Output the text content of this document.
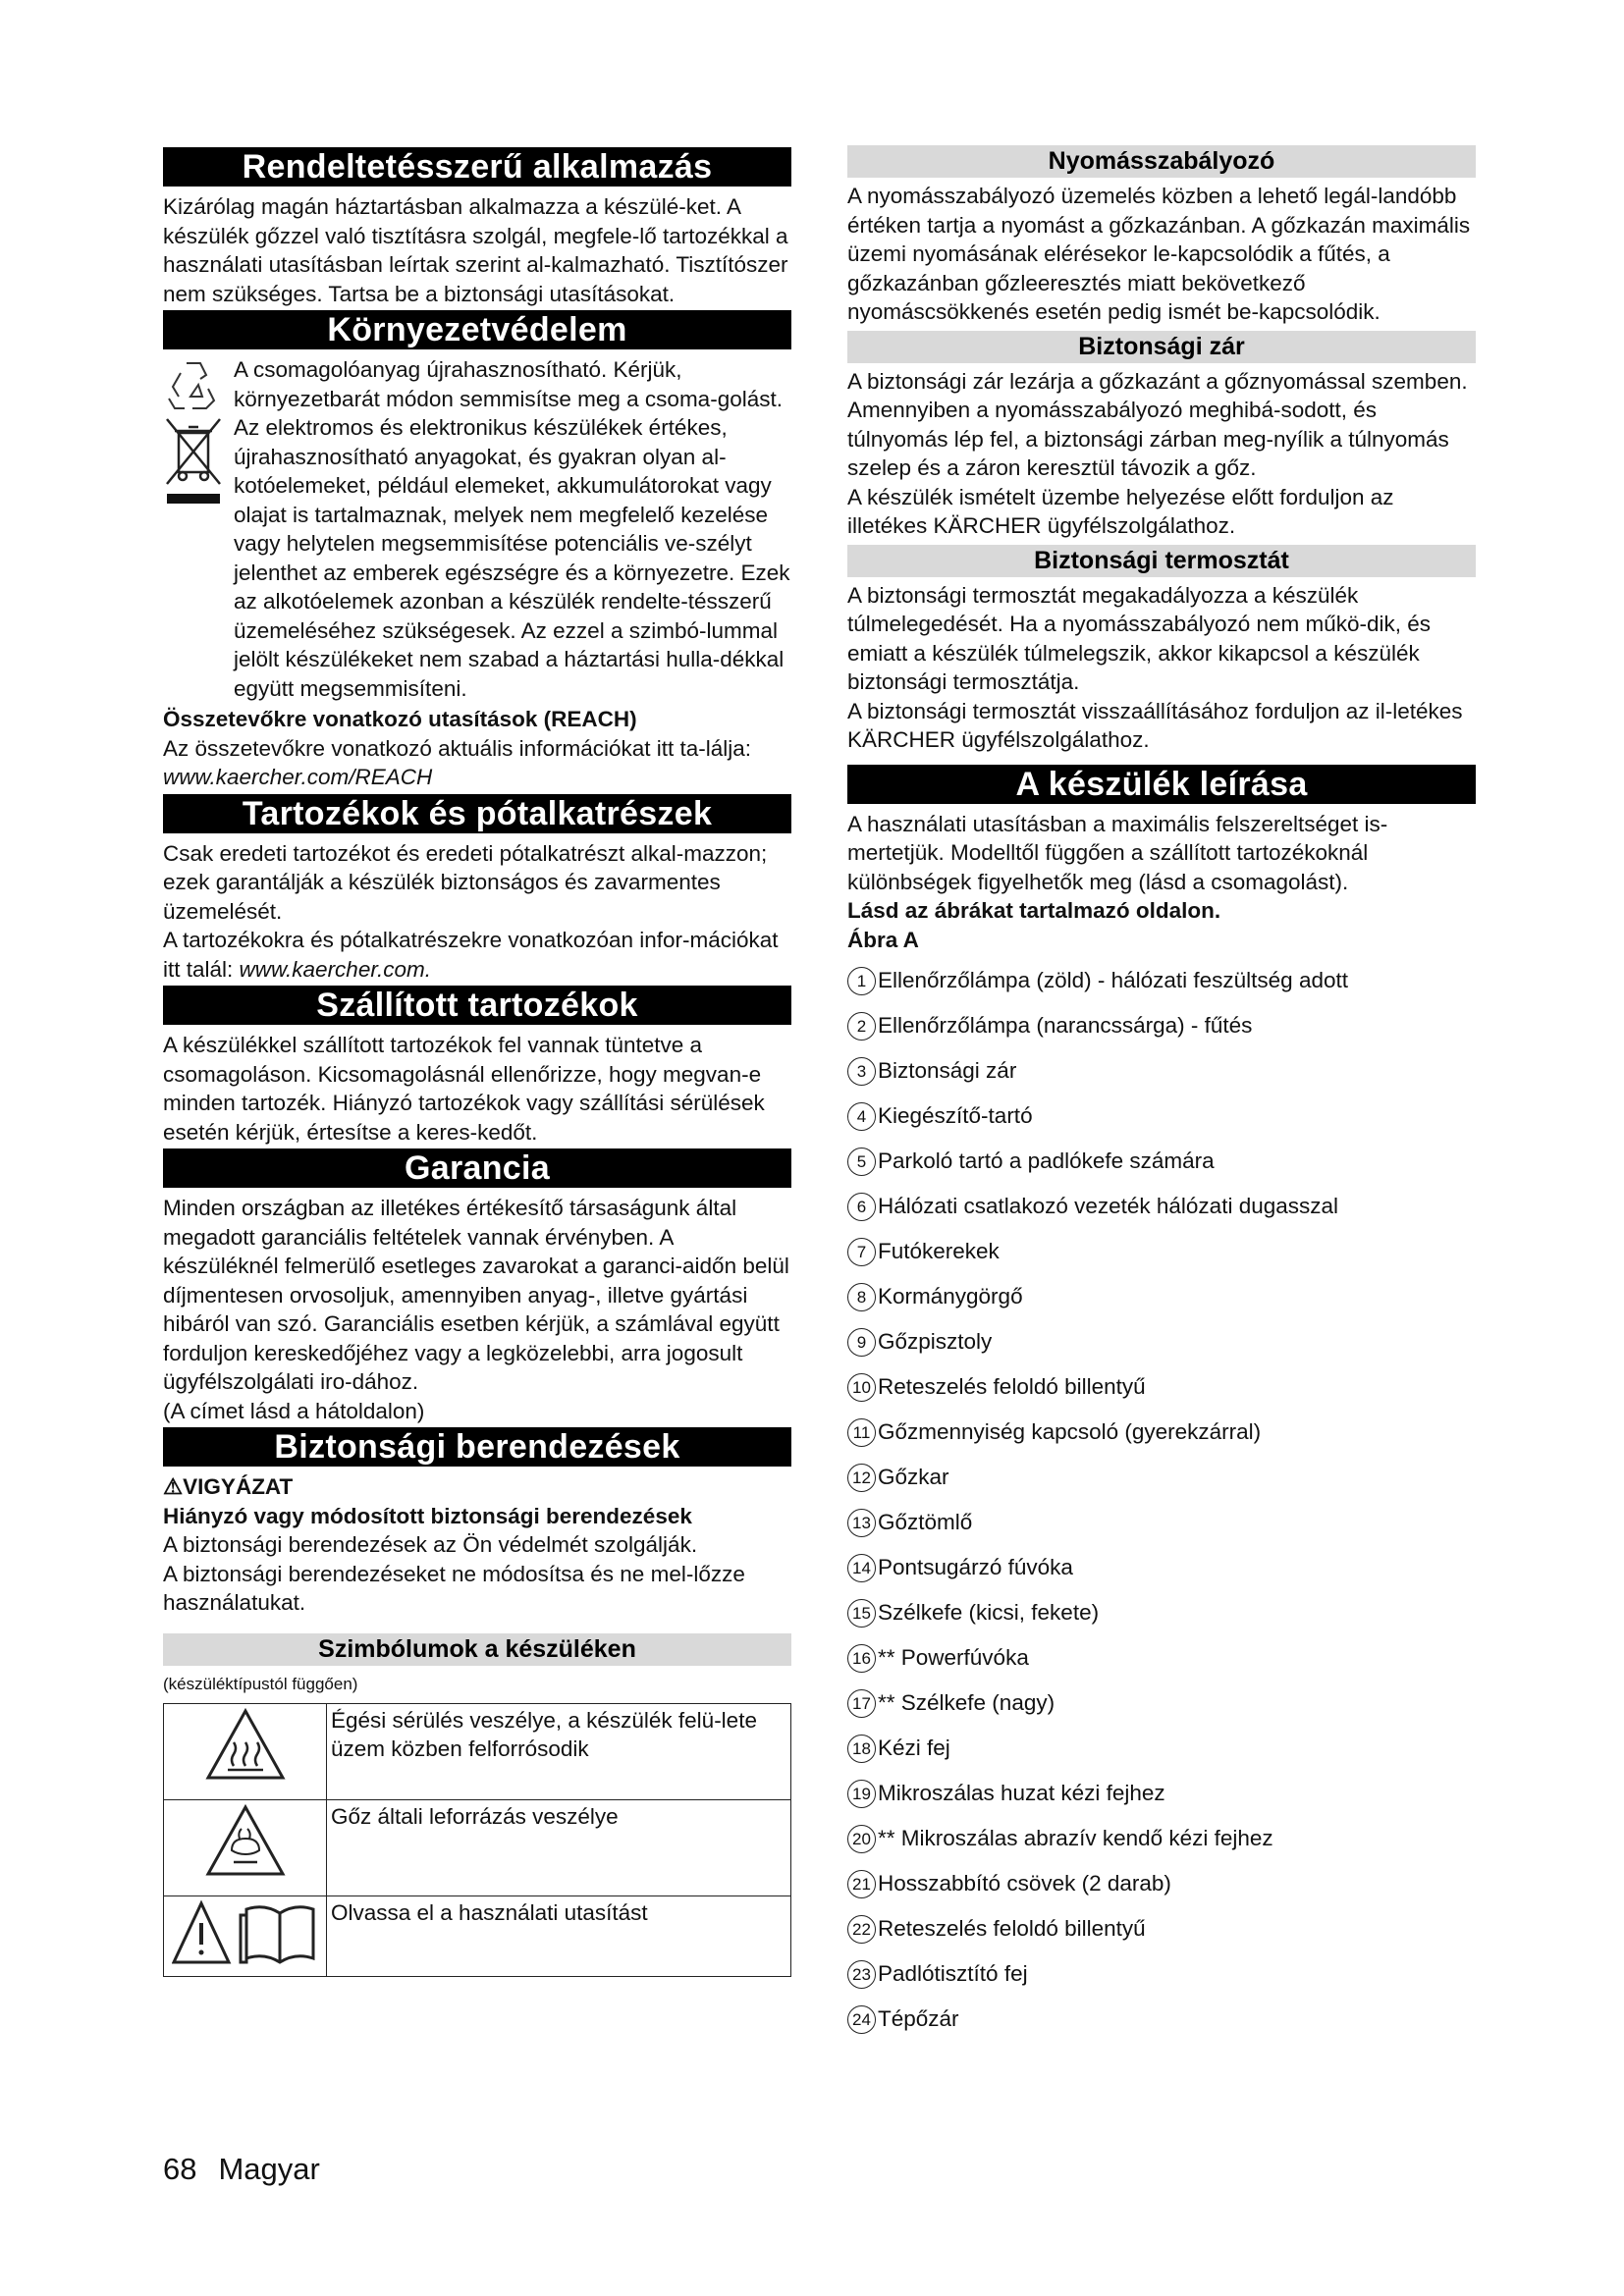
Rendeltetésszerű alkalmazás

Kizárólag magán háztartásban alkalmazza a készülé-ket. A készülék gőzzel való tisztításra szolgál, megfele-lő tartozékkal a használati utasításban leírtak szerint al-kalmazható. Tisztítószer nem szükséges. Tartsa be a biztonsági utasításokat.

Környezetvédelem

A csomagolóanyag újrahasznosítható. Kérjük, környezetbarát módon semmisítse meg a csoma-golást.

Az elektromos és elektronikus készülékek értékes, újrahasznosítható anyagokat, és gyakran olyan al-kotóelemeket, például elemeket, akkumulátorokat vagy olajat is tartalmaznak, melyek nem megfelelő kezelése vagy helytelen megsemmisítése potenciális ve-szélyt jelenthet az emberek egészségre és a környezetre. Ezek az alkotóelemek azonban a készülék rendelte-tésszerű üzemeléséhez szükségesek. Az ezzel a szimbó-lummal jelölt készülékeket nem szabad a háztartási hulla-dékkal együtt megsemmisíteni.

Összetevőkre vonatkozó utasítások (REACH)

Az összetevőkre vonatkozó aktuális információkat itt ta-lálja: www.kaercher.com/REACH

Tartozékok és pótalkatrészek

Csak eredeti tartozékot és eredeti pótalkatrészt alkal-mazzon; ezek garantálják a készülék biztonságos és zavarmentes üzemelését.

A tartozékokra és pótalkatrészekre vonatkozóan infor-mációkat itt talál: www.kaercher.com.

Szállított tartozékok

A készülékkel szállított tartozékok fel vannak tüntetve a csomagoláson. Kicsomagolásnál ellenőrizze, hogy megvan-e minden tartozék. Hiányzó tartozékok vagy szállítási sérülések esetén kérjük, értesítse a keres-kedőt.

Garancia

Minden országban az illetékes értékesítő társaságunk által megadott garanciális feltételek vannak érvényben. A készüléknél felmerülő esetleges zavarokat a garanci-aidőn belül díjmentesen orvosoljuk, amennyiben anyag-, illetve gyártási hibáról van szó. Garanciális esetben kérjük, a számlával együtt forduljon kereskedőjéhez vagy a legközelebbi, arra jogosult ügyfélszolgálati iro-dához.

(A címet lásd a hátoldalon)

Biztonsági berendezések

⚠VIGYÁZAT

Hiányzó vagy módosított biztonsági berendezések

A biztonsági berendezések az Ön védelmét szolgálják.

A biztonsági berendezéseket ne módosítsa és ne mel-lőzze használatukat.

Szimbólumok a készüléken

(készüléktípustól függően)

	Égési sérülés veszélye, a készülék felü-lete üzem közben felforrósodik
	Gőz általi leforrázás veszélye
	Olvassa el a használati utasítást
Nyomásszabályozó

A nyomásszabályozó üzemelés közben a lehető legál-landóbb értéken tartja a nyomást a gőzkazánban. A gőzkazán maximális üzemi nyomásának elérésekor le-kapcsolódik a fűtés, a gőzkazánban gőzleeresztés miatt bekövetkező nyomáscsökkenés esetén pedig ismét be-kapcsolódik.

Biztonsági zár

A biztonsági zár lezárja a gőzkazánt a gőznyomással szemben. Amennyiben a nyomásszabályozó meghibá-sodott, és túlnyomás lép fel, a biztonsági zárban meg-nyílik a túlnyomás szelep és a záron keresztül távozik a gőz.

A készülék ismételt üzembe helyezése előtt forduljon az illetékes KÄRCHER ügyfélszolgálathoz.

Biztonsági termosztát

A biztonsági termosztát megakadályozza a készülék túlmelegedését. Ha a nyomásszabályozó nem műkö-dik, és emiatt a készülék túlmelegszik, akkor kikapcsol a készülék biztonsági termosztátja.

A biztonsági termosztát visszaállításához forduljon az il-letékes KÄRCHER ügyfélszolgálathoz.

A készülék leírása

A használati utasításban a maximális felszereltséget is-mertetjük. Modelltől függően a szállított tartozékoknál különbségek figyelhetők meg (lásd a csomagolást).

Lásd az ábrákat tartalmazó oldalon.

Ábra A

1 Ellenőrzőlámpa (zöld) - hálózati feszültség adott
2 Ellenőrzőlámpa (narancssárga) - fűtés
3 Biztonsági zár
4 Kiegészítő-tartó
5 Parkoló tartó a padlókefe számára
6 Hálózati csatlakozó vezeték hálózati dugasszal
7 Futókerekek
8 Kormánygörgő
9 Gőzpisztoly
10 Reteszelés feloldó billentyű
11 Gőzmennyiség kapcsoló (gyerekzárral)
12 Gőzkar
13 Gőztömlő
14 Pontsugárzó fúvóka
15 Szélkefe (kicsi, fekete)
16 ** Powerfúvóka
17 ** Szélkefe (nagy)
18 Kézi fej
19 Mikroszálas huzat kézi fejhez
20 ** Mikroszálas abrazív kendő kézi fejhez
21 Hosszabbító csövek (2 darab)
22 Reteszelés feloldó billentyű
23 Padlótisztító fej
24 Tépőzár
68 Magyar
